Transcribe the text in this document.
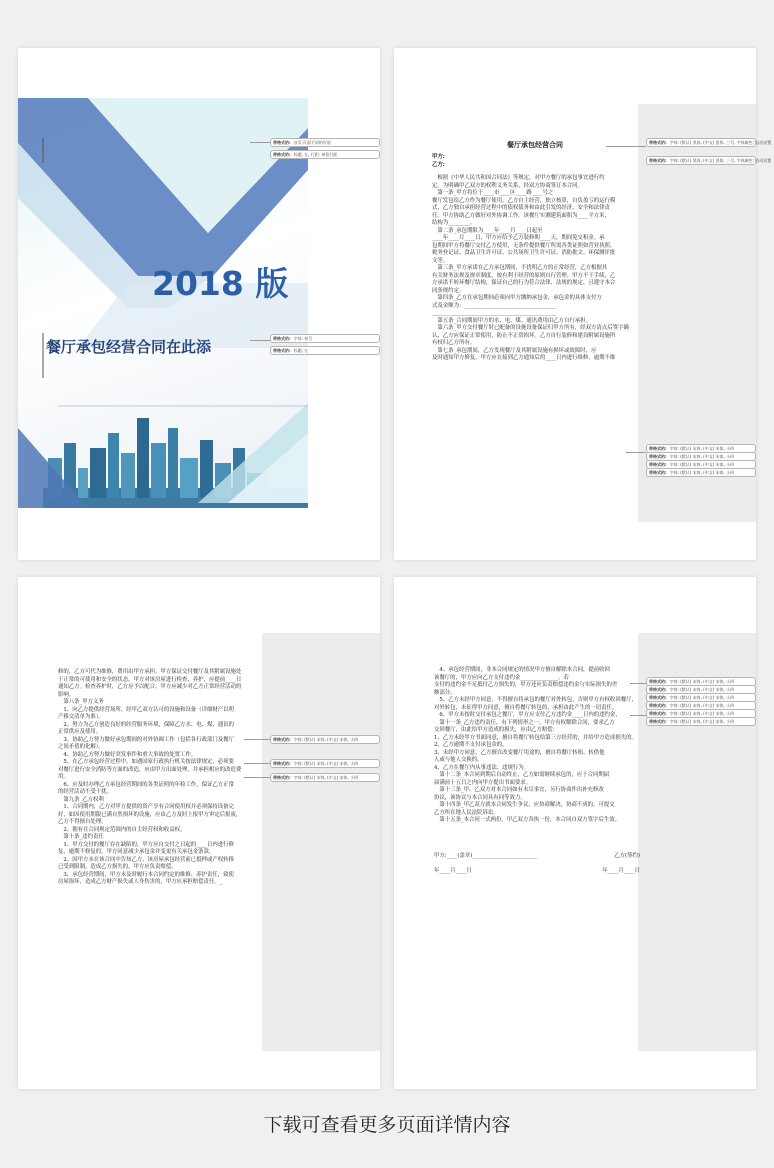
2018 版
餐厅承包经营合同在此添
带格式的: 首页,页面不同的页眉
带格式的: 标题, 左, 行距: 单倍行距
带格式的: 字体: 初号
带格式的: 标题, 左
餐厅承包经营合同
甲方:
乙方:
　根据《中华人民共和国合同法》等规定，对甲方餐厅的承包事宜进行约
定。为明确甲乙双方的权利义务关系，经双方协商签订本合同。
　第一条_甲方将位于____市____区____路____号之
餐厅发包给乙方作为餐厅使用。乙方自主经营，独立核算，自负盈亏的运行模
式，乙方独自承担经营过程中的债权债务和由此引发的经济、安全和法律责
任。甲方协助乙方做好对外协调工作。该餐厅实测建筑面积为____平方米，
结构为________。
　第二条_承包期限为____年____月____日起至
____年____月____日，甲方应给予乙方装修期____天，期间免交租金。承
包期间甲方将餐厅交付乙方使用，无条件提供餐厅所需各类证照如营业执照、
税务登记证、食品卫生许可证、公共场所卫生许可证、消防批文、环保测评批
文等。
　第三条_甲方承诺在乙方承包期间，不扰明乙方的正常经营，乙方根据其
有关财务法规及规章制度，按有利于经营的原则自行管理。甲方不干手续，乙
方承诺不转环餐厅结构，保证自己的行为符合法律、法规的规定，且遵守本合
同条规约定。
　第四条_乙方在承包期间必须向甲方缴纳承包金，承包金的具体支付方
式及金额为：__________________________________
______________________________________________
　第五条_合同期间甲方的水、电、煤、通讯费用由乙方自行承担。
　第六条_甲方交付餐厅时已配备的设施设备保证归甲方所有，经双方清点后签字确
认，乙方应保证正常使用，防止不正常损坏。乙方自行装修和建设附属设施所
有权归乙方所有。
　第七条_承包期间，乙方发现餐厅及其附属设施有损坏或故障时，应
及时通知甲方修复，甲方应在接到乙方通知后的____日内进行维修，逾期不维
带格式的: 字体: (默认) 黑体, (中文) 黑体, 三号, 字体颜色: 自动设置
带格式的: 字体: (默认) 黑体, (中文) 黑体, 三号, 字体颜色: 自动设置
带格式的: 字体: (默认) 宋体, (中文) 宋体, 小四
带格式的: 字体: (默认) 宋体, (中文) 宋体, 小四
带格式的: 字体: (默认) 宋体, (中文) 宋体, 小四
带格式的: 字体: (默认) 宋体, (中文) 宋体, 小四
修的，乙方可代为维修，费用由甲方承担。甲方保证交付餐厅及其附属设施处
于正常的可使用和安全的状态，甲方对该房屋进行检查、养护，应提前____日
通知乙方。检查养护时，乙方应予以配合。甲方应减少对乙方正常经营活动的
影响。
　第八条_甲方义务
　1、向乙方提供经营场所、经甲乙双方认可的设施和设备（详细财产以明
产移交清单为准）。
　2、努力为乙方创造良好的经营服务环境，保障乙方水、电、煤、通讯的
正常供应及使用。
　3、协助乙方努力做好承包期间的对外协调工作（包括各行政部门及餐厅
之间矛盾的化解）。
　4、协助乙方努力做好突发事件和重大事故的处置工作。
　5、在乙方承包经营过程中，如遇国家行政执行机关按法律规定，必须要
对餐厅进行安全消防等方面的改造，应由甲方出面处理，并承担相应的改造费
用。
　6、应及时办理乙方承包经营期间的各类证照的年检工作，保证乙方正常
的经营活动不受干扰。
　第九条_乙方权利
　1、合同期内，乙方对甲方提供的资产享有合同使用权并必须保持设备完
好，如因使用期限已满自然损坏的设施，应由乙方及时上报甲方审定后报废，
乙方不得擅自处理。
　2、拥有在合同规定范围内的自主经营权和收益权。
　第十条_违约责任
　1、甲方交付的餐厅存在缺陷的，甲方应自交付之日起的____日内进行修
复，逾期不修复的，甲方同意减少承包金并变更有关承包金条款。
　2、因甲方未在该合同中告知乙方，该房屋承包经营前已抵押或产权转移
已受到限制，造成乙方损失的，甲方应负责赔偿。
　3、承包经营期间，甲方未及时履行本合同约定的维修、养护责任，致使
房屋损坏，造成乙方财产损失或人身伤害的，甲方应承担赔偿责任。_
带格式的: 字体: (默认) 宋体, (中文) 宋体, 小四
带格式的: 字体: (默认) 宋体, (中文) 宋体, 小四
带格式的: 字体: (默认) 宋体, (中文) 宋体, 小四
　4、承包经营期间，非本合同规定的情况甲方擅自解除本合同，提前收回
该餐厅的，甲方应向乙方支付违约金______________。若
支付的违约金不足抵付乙方损失的，甲方还应负责赔偿违约金与实际损失的差
额部分。
　5、乙方未经甲方同意，不得擅自将承包的餐厅对外转包，否则甲方有权收回餐厅，
对外转包，未征得甲方同意，擅自将餐厅转包的，承担由此产生的一切责任。
　6、甲方未按时交付承包之餐厅，甲方应支付乙方违约金____日内的违约金，
　第十一条_乙方违约责任，有下列情形之一，甲方有权解除合同，要求乙方
交回餐厅，由此给甲方造成的损失，应由乙方赔偿：
1、乙方未经甲方书面同意，擅自将餐厅转包给第三方经营的，并给甲方造成损失的。
2、乙方逾期不支付承包金的。
3、未经甲方同意，乙方擅自改变餐厅用途的，擅自将餐厅转租、转借他
人或与他人交换的。
4、乙方在餐厅内从事违法、违规行为。
　第十二条_本合同到期后自动终止，乙方如需继续承包的，应于合同期届
届满前十五日之内向甲方提出书面要求。
　第十三条_甲、乙双方对本合同如有未尽事宜，另行协商作出补充修改
协议，该协议与本合同具有同等效力。
　第十四条_甲乙双方就本合同发生争议，应协商解决，协商不成的，可提交
乙方所在地人民法院诉讼。
　第十五条_本合同一式两份，甲乙双方各执一份，本合同自双方签字后生效。
甲方:____(盖章)________________________	乙方(签约)
年____月____日	年____月____日
带格式的: 字体: (默认) 宋体, (中文) 宋体, 小四
带格式的: 字体: (默认) 宋体, (中文) 宋体, 小四
带格式的: 字体: (默认) 宋体, (中文) 宋体, 小四
带格式的: 字体: (默认) 宋体, (中文) 宋体, 小四
带格式的: 字体: (默认) 宋体, (中文) 宋体, 小四
带格式的: 字体: (默认) 宋体, (中文) 宋体, 小四
下载可查看更多页面详情内容
